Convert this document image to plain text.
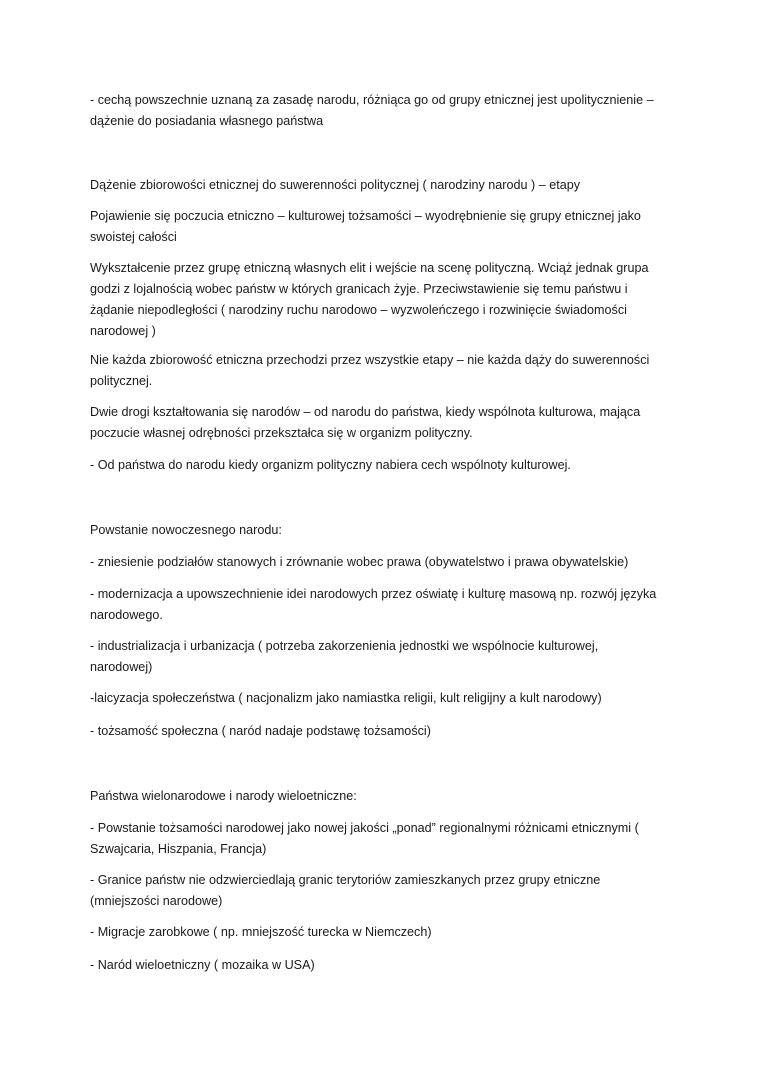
- cechą powszechnie uznaną za zasadę narodu, różniąca go od grupy etnicznej jest upolitycznienie –
dążenie do posiadania własnego państwa

Dążenie zbiorowości etnicznej do suwerenności politycznej ( narodziny narodu ) – etapy

Pojawienie się poczucia etniczno – kulturowej tożsamości – wyodrębnienie się grupy etnicznej jako
swoistej całości

Wykształcenie przez grupę etniczną własnych elit i wejście na scenę polityczną. Wciąż jednak grupa
godzi z lojalnością wobec państw w których granicach żyje. Przeciwstawienie się temu państwu i
żądanie niepodległości ( narodziny ruchu narodowo – wyzwoleńczego i rozwinięcie świadomości
narodowej )

Nie każda zbiorowość etniczna przechodzi przez wszystkie etapy – nie każda dąży do suwerenności
politycznej.

Dwie drogi kształtowania się narodów – od narodu do państwa, kiedy wspólnota kulturowa, mająca
poczucie własnej odrębności przekształca się w organizm polityczny.

- Od państwa do narodu kiedy organizm polityczny nabiera cech wspólnoty kulturowej.

Powstanie nowoczesnego narodu:

- zniesienie podziałów stanowych i zrównanie wobec prawa (obywatelstwo i prawa obywatelskie)

- modernizacja a upowszechnienie idei narodowych przez oświatę i kulturę masową np. rozwój języka
narodowego.

- industrializacja i urbanizacja ( potrzeba zakorzenienia jednostki we wspólnocie kulturowej,
narodowej)

-laicyzacja społeczeństwa ( nacjonalizm jako namiastka religii, kult religijny a kult narodowy)

- tożsamość społeczna ( naród nadaje podstawę tożsamości)

Państwa wielonarodowe i narody wieloetniczne:

- Powstanie tożsamości narodowej jako nowej jakości „ponad” regionalnymi różnicami etnicznymi (
Szwajcaria, Hiszpania, Francja)

- Granice państw nie odzwierciedlają granic terytoriów zamieszkanych przez grupy etniczne
(mniejszości narodowe)

- Migracje zarobkowe ( np. mniejszość turecka w Niemczech)

- Naród wieloetniczny ( mozaika w USA)
